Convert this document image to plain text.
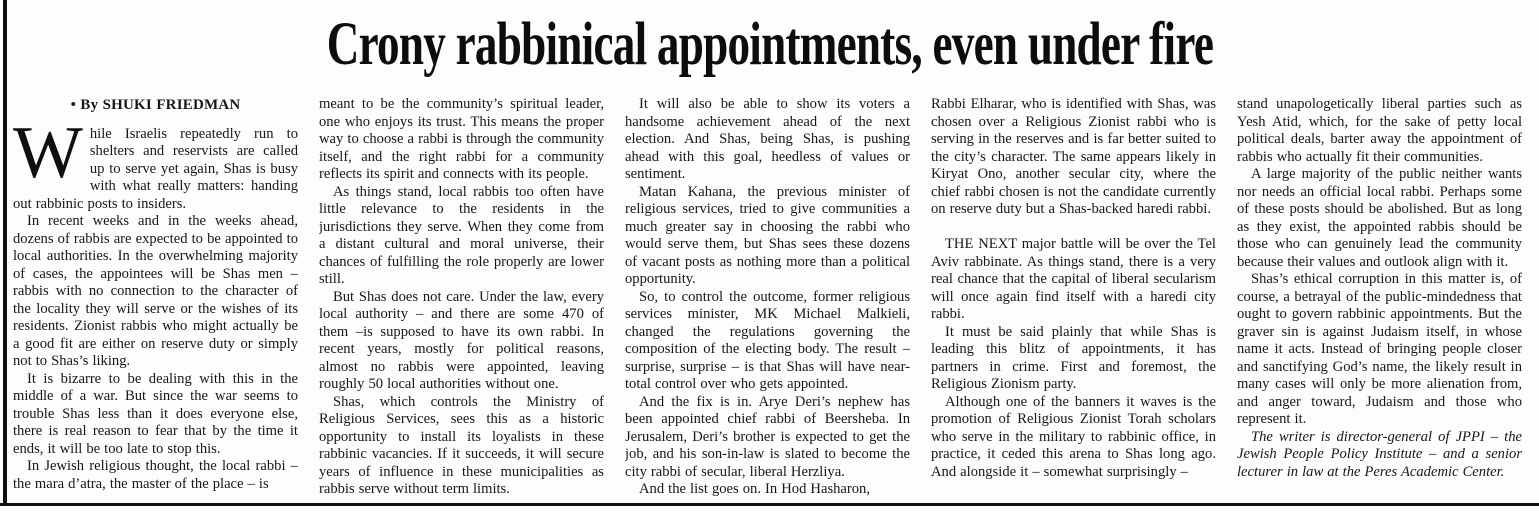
Crony rabbinical appointments, even under fire
• By SHUKI FRIEDMAN

While Israelis repeatedly run to shelters and reservists are called up to serve yet again, Shas is busy with what really matters: handing out rabbinic posts to insiders.

In recent weeks and in the weeks ahead, dozens of rabbis are expected to be appointed to local authorities. In the overwhelming majority of cases, the appointees will be Shas men – rabbis with no connection to the character of the locality they will serve or the wishes of its residents. Zionist rabbis who might actually be a good fit are either on reserve duty or simply not to Shas’s liking.

It is bizarre to be dealing with this in the middle of a war. But since the war seems to trouble Shas less than it does everyone else, there is real reason to fear that by the time it ends, it will be too late to stop this.

In Jewish religious thought, the local rabbi – the mara d’atra, the master of the place – is

meant to be the community’s spiritual leader, one who enjoys its trust. This means the proper way to choose a rabbi is through the community itself, and the right rabbi for a community reflects its spirit and connects with its people.

As things stand, local rabbis too often have little relevance to the residents in the jurisdictions they serve. When they come from a distant cultural and moral universe, their chances of fulfilling the role properly are lower still.

But Shas does not care. Under the law, every local authority – and there are some 470 of them –is supposed to have its own rabbi. In recent years, mostly for political reasons, almost no rabbis were appointed, leaving roughly 50 local authorities without one.

Shas, which controls the Ministry of Religious Services, sees this as a historic opportunity to install its loyalists in these rabbinic vacancies. If it succeeds, it will secure years of influence in these municipalities as rabbis serve without term limits.

It will also be able to show its voters a handsome achievement ahead of the next election. And Shas, being Shas, is pushing ahead with this goal, heedless of values or sentiment.

Matan Kahana, the previous minister of religious services, tried to give communities a much greater say in choosing the rabbi who would serve them, but Shas sees these dozens of vacant posts as nothing more than a political opportunity.

So, to control the outcome, former religious services minister, MK Michael Malkieli, changed the regulations governing the composition of the electing body. The result – surprise, surprise – is that Shas will have near-total control over who gets appointed.

And the fix is in. Arye Deri’s nephew has been appointed chief rabbi of Beersheba. In Jerusalem, Deri’s brother is expected to get the job, and his son-in-law is slated to become the city rabbi of secular, liberal Herzliya.

And the list goes on. In Hod Hasharon,

Rabbi Elharar, who is identified with Shas, was chosen over a Religious Zionist rabbi who is serving in the reserves and is far better suited to the city’s character. The same appears likely in Kiryat Ono, another secular city, where the chief rabbi chosen is not the candidate currently on reserve duty but a Shas-backed haredi rabbi.

THE NEXT major battle will be over the Tel Aviv rabbinate. As things stand, there is a very real chance that the capital of liberal secularism will once again find itself with a haredi city rabbi.

It must be said plainly that while Shas is leading this blitz of appointments, it has partners in crime. First and foremost, the Religious Zionism party.

Although one of the banners it waves is the promotion of Religious Zionist Torah scholars who serve in the military to rabbinic office, in practice, it ceded this arena to Shas long ago. And alongside it – somewhat surprisingly –

stand unapologetically liberal parties such as Yesh Atid, which, for the sake of petty local political deals, barter away the appointment of rabbis who actually fit their communities.

A large majority of the public neither wants nor needs an official local rabbi. Perhaps some of these posts should be abolished. But as long as they exist, the appointed rabbis should be those who can genuinely lead the community because their values and outlook align with it.

Shas’s ethical corruption in this matter is, of course, a betrayal of the public-mindedness that ought to govern rabbinic appointments. But the graver sin is against Judaism itself, in whose name it acts. Instead of bringing people closer and sanctifying God’s name, the likely result in many cases will only be more alienation from, and anger toward, Judaism and those who represent it.

The writer is director-general of JPPI – the Jewish People Policy Institute – and a senior lecturer in law at the Peres Academic Center.
